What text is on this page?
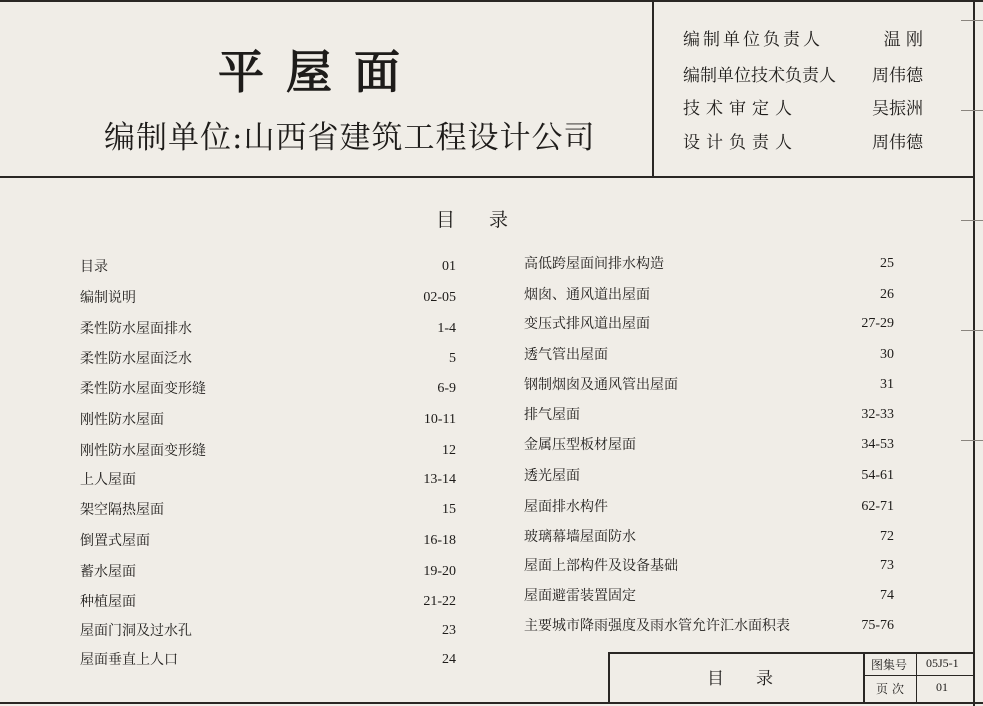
平屋面
编制单位:山西省建筑工程设计公司
编制单位负责人	温 刚
编制单位技术负责人 周伟德
技术审定人	吴振洲
设计负责人	周伟德
目录
目录	01
编制说明	02-05
柔性防水屋面排水	1-4
柔性防水屋面泛水	5
柔性防水屋面变形缝	6-9
刚性防水屋面	10-11
刚性防水屋面变形缝	12
上人屋面	13-14
架空隔热屋面	15
倒置式屋面	16-18
蓄水屋面	19-20
种植屋面	21-22
屋面门洞及过水孔	23
屋面垂直上人口	24
高低跨屋面间排水构造	25
烟囱、通风道出屋面	26
变压式排风道出屋面	27-29
透气管出屋面	30
钢制烟囱及通风管出屋面	31
排气屋面	32-33
金属压型板材屋面	34-53
透光屋面	54-61
屋面排水构件	62-71
玻璃幕墙屋面防水	72
屋面上部构件及设备基础	73
屋面避雷装置固定	74
主要城市降雨强度及雨水管允许汇水面积表	75-76
目录
图集号 05J5-1
页次 01
